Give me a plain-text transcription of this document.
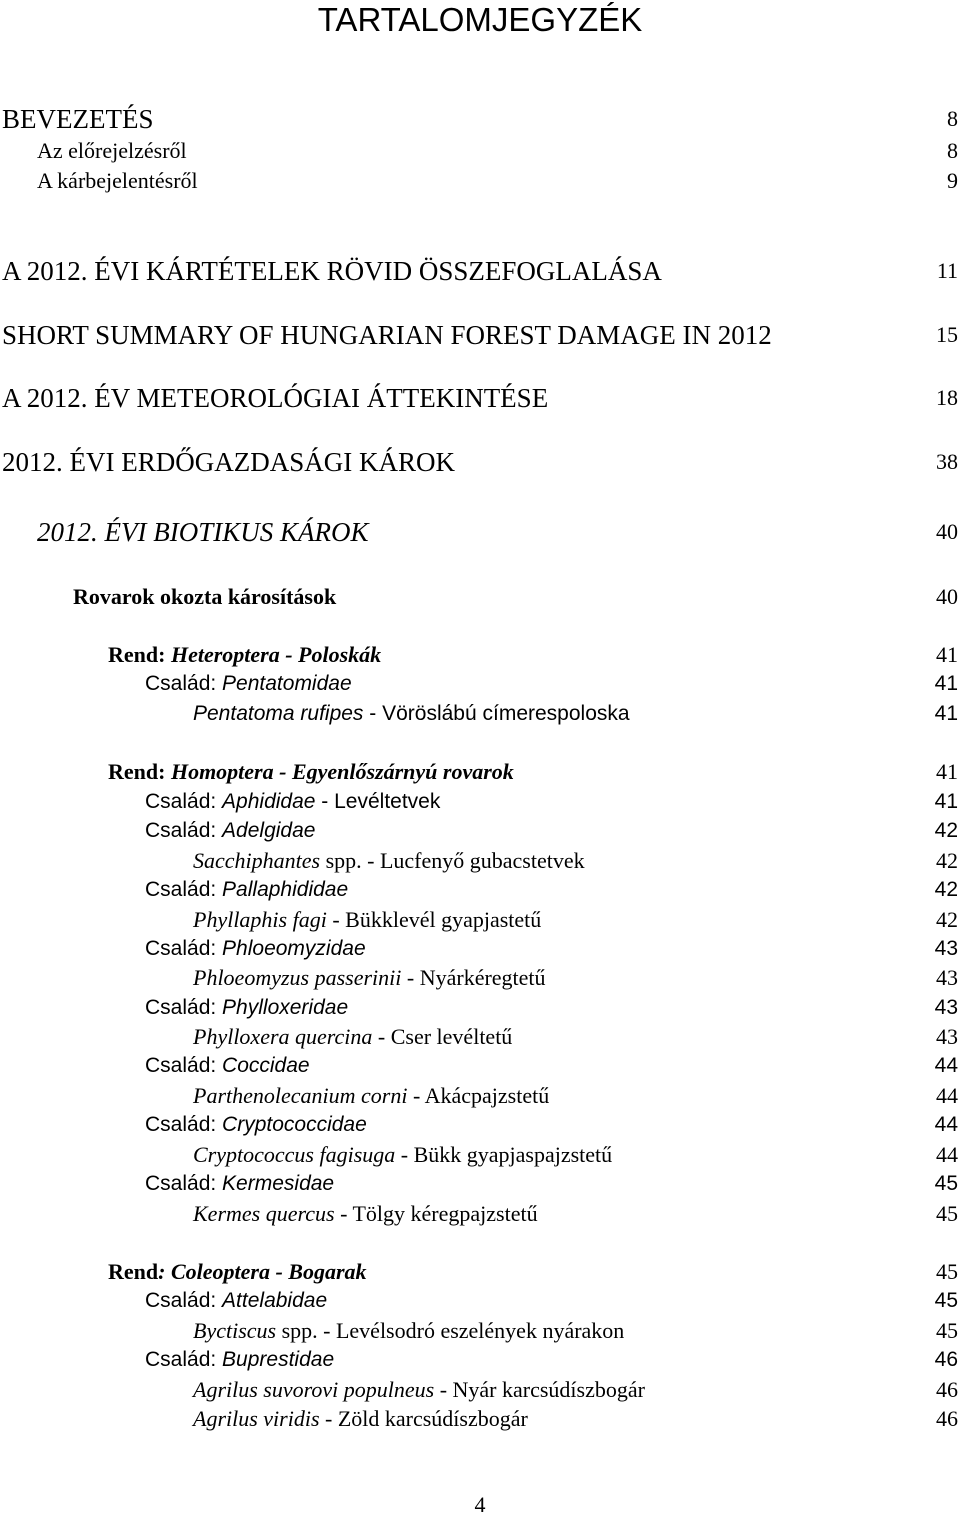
TARTALOMJEGYZÉK
BEVEZETÉS	8
Az előrejelzésről	8
A kárbejelentésről	9
A 2012. ÉVI KÁRTÉTELEK RÖVID ÖSSZEFOGLALÁSA	11
SHORT SUMMARY OF HUNGARIAN FOREST DAMAGE IN 2012	15
A 2012. ÉV METEOROLÓGIAI ÁTTEKINTÉSE	18
2012. ÉVI ERDŐGAZDASÁGI KÁROK	38
2012. ÉVI BIOTIKUS KÁROK	40
Rovarok okozta károsítások	40
Rend: Heteroptera - Poloskák	41
Család: Pentatomidae	41
Pentatoma rufipes - Vöröslábú címerespoloska	41
Rend: Homoptera - Egyenlőszárnyú rovarok	41
Család: Aphididae - Levéltetvek	41
Család: Adelgidae	42
Sacchiphantes spp. - Lucfenyő gubacstetvek	42
Család: Pallaphididae	42
Phyllaphis fagi - Bükklevél gyapjastetű	42
Család: Phloeomyzidae	43
Phloeomyzus passerinii - Nyárkéregtetű	43
Család: Phylloxeridae	43
Phylloxera quercina - Cser levéltetű	43
Család: Coccidae	44
Parthenolecanium corni - Akácpajzstetű	44
Család: Cryptococcidae	44
Cryptococcus fagisuga - Bükk gyapjaspajzstetű	44
Család: Kermesidae	45
Kermes quercus - Tölgy kéregpajzstetű	45
Rend: Coleoptera - Bogarak	45
Család: Attelabidae	45
Byctiscus spp. - Levélsodró eszelények nyárakon	45
Család: Buprestidae	46
Agrilus suvorovi populneus - Nyár karcsúdíszbogár	46
Agrilus viridis - Zöld karcsúdíszbogár	46
4
